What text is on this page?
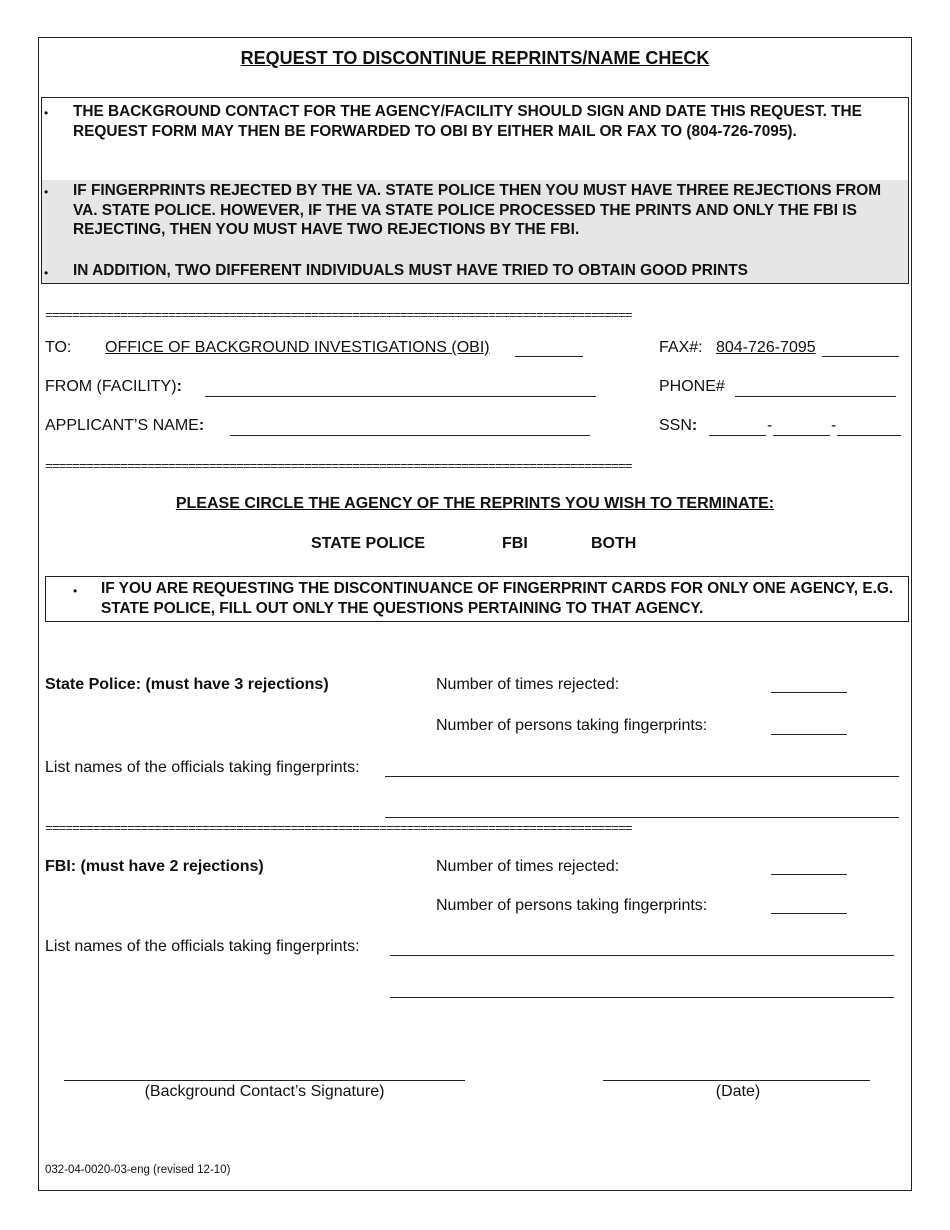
REQUEST TO DISCONTINUE REPRINTS/NAME CHECK
• THE BACKGROUND CONTACT FOR THE AGENCY/FACILITY SHOULD SIGN AND DATE THIS REQUEST. THE REQUEST FORM MAY THEN BE FORWARDED TO OBI BY EITHER MAIL OR FAX TO (804-726-7095).
• IF FINGERPRINTS REJECTED BY THE VA. STATE POLICE THEN YOU MUST HAVE THREE REJECTIONS FROM VA. STATE POLICE. HOWEVER, IF THE VA STATE POLICE PROCESSED THE PRINTS AND ONLY THE FBI IS REJECTING, THEN YOU MUST HAVE TWO REJECTIONS BY THE FBI.
• IN ADDITION, TWO DIFFERENT INDIVIDUALS MUST HAVE TRIED TO OBTAIN GOOD PRINTS
======================================================================================
TO: OFFICE OF BACKGROUND INVESTIGATIONS (OBI)	FAX#: 804-726-7095
FROM (FACILITY):	PHONE#
APPLICANT’S NAME:	SSN:	-	-
======================================================================================
PLEASE CIRCLE THE AGENCY OF THE REPRINTS YOU WISH TO TERMINATE:
STATE POLICE	FBI	BOTH
• IF YOU ARE REQUESTING THE DISCONTINUANCE OF FINGERPRINT CARDS FOR ONLY ONE AGENCY, E.G. STATE POLICE, FILL OUT ONLY THE QUESTIONS PERTAINING TO THAT AGENCY.
State Police: (must have 3 rejections)	Number of times rejected:
Number of persons taking fingerprints:
List names of the officials taking fingerprints:
======================================================================================
FBI: (must have 2 rejections)	Number of times rejected:
Number of persons taking fingerprints:
List names of the officials taking fingerprints:
(Background Contact’s Signature)	(Date)
032-04-0020-03-eng (revised 12-10)
